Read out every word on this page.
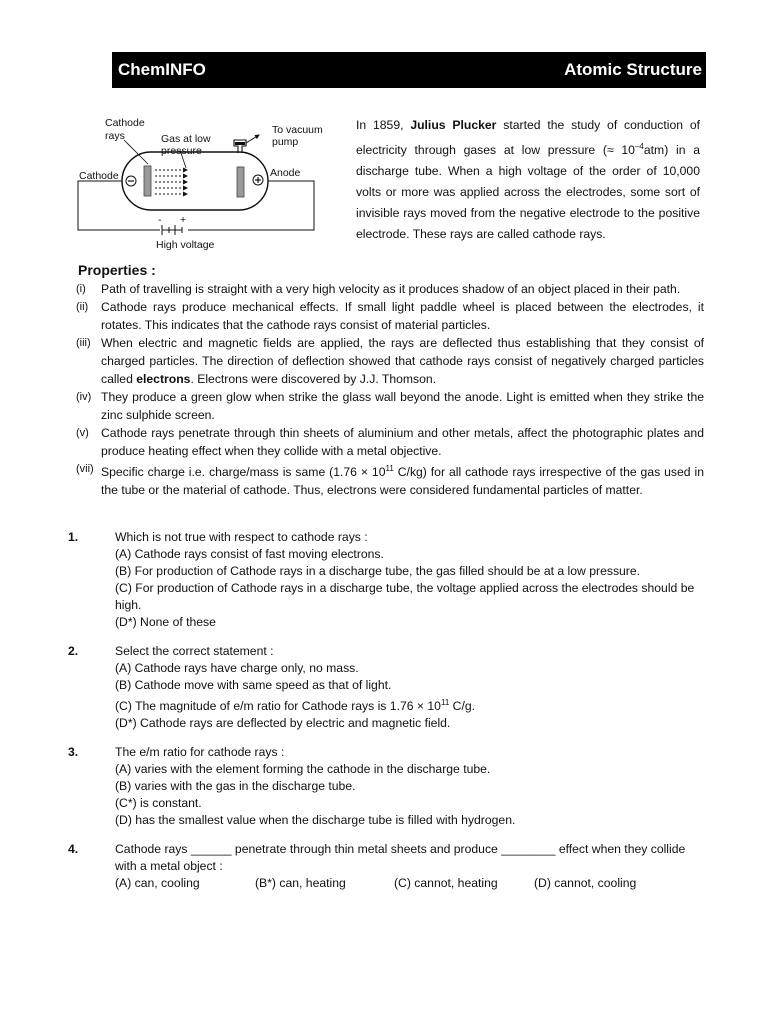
ChemINFO	Atomic Structure
Cathode
rays	Gas at low
pressure
To vacuum
pump
Cathode	Anode
- +
High voltage
In 1859, Julius Plucker started the study of conduction of electricity through gases at low pressure (≈ $10^{-4}atm$) in a discharge tube. When a high voltage of the order of 10,000 volts or more was applied across the electrodes, some sort of invisible rays moved from the negative electrode to the positive electrode. These rays are called cathode rays.
Properties :
(i)	Path of travelling is straight with a very high velocity as it produces shadow of an object placed in their path.
(ii)	Cathode rays produce mechanical effects. If small light paddle wheel is placed between the electrodes, it rotates. This indicates that the cathode rays consist of material particles.
(iii) When electric and magnetic fields are applied, the rays are deflected thus establishing that they consist of charged particles. The direction of deflection showed that cathode rays consist of negatively charged particles called electrons. Electrons were discovered by J.J. Thomson.
(iv) They produce a green glow when strike the glass wall beyond the anode. Light is emitted when they strike the zinc sulphide screen.
(v) Cathode rays penetrate through thin sheets of aluminium and other metals, affect the photographic plates and produce heating effect when they collide with a metal objective.
(vii) Specific charge i.e. charge/mass is same ($1.76 \times 10^{11}$ C/kg) for all cathode rays irrespective of the gas used in the tube or the material of cathode. Thus, electrons were considered fundamental particles of matter.
1.	Which is not true with respect to cathode rays :
(A) Cathode rays consist of fast moving electrons.
(B) For production of Cathode rays in a discharge tube, the gas filled should be at a low pressure.
(C) For production of Cathode rays in a discharge tube, the voltage applied across the electrodes should be high.
(D*) None of these
2.	Select the correct statement :
(A) Cathode rays have charge only, no mass.
(B) Cathode move with same speed as that of light.
(C) The magnitude of e/m ratio for Cathode rays is $1.76 \times 10^{11}$ C/g.
(D*) Cathode rays are deflected by electric and magnetic field.
3.	The e/m ratio for cathode rays :
(A) varies with the element forming the cathode in the discharge tube.
(B) varies with the gas in the discharge tube.
(C*) is constant.
(D) has the smallest value when the discharge tube is filled with hydrogen.
4.	Cathode rays ______ penetrate through thin metal sheets and produce ________ effect when they collide with a metal object :
(A) can, cooling	(B*) can, heating	(C) cannot, heating	(D) cannot, cooling
